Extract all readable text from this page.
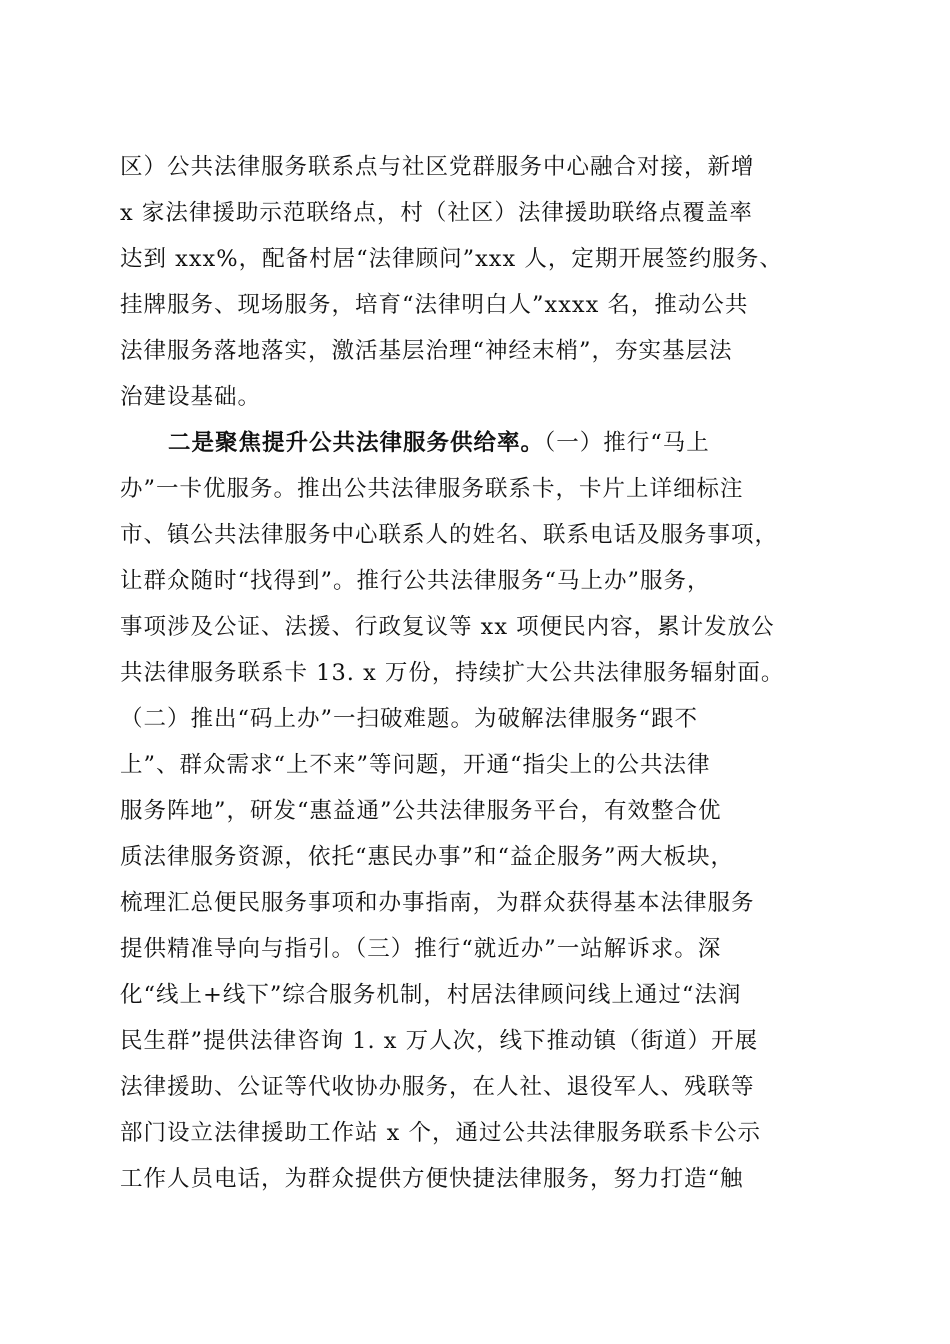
区）公共法律服务联系点与社区党群服务中心融合对接，新增
x 家法律援助示范联络点，村（社区）法律援助联络点覆盖率
达到 xxx%，配备村居“法律顾问”xxx 人，定期开展签约服务、
挂牌服务、现场服务，培育“法律明白人”xxxx 名，推动公共
法律服务落地落实，激活基层治理“神经末梢”，夯实基层法
治建设基础。
二是聚焦提升公共法律服务供给率。（一）推行“马上
办”一卡优服务。推出公共法律服务联系卡，卡片上详细标注
市、镇公共法律服务中心联系人的姓名、联系电话及服务事项，
让群众随时“找得到”。推行公共法律服务“马上办”服务，
事项涉及公证、法援、行政复议等 xx 项便民内容，累计发放公
共法律服务联系卡 13. x 万份，持续扩大公共法律服务辐射面。
（二）推出“码上办”一扫破难题。为破解法律服务“跟不
上”、群众需求“上不来”等问题，开通“指尖上的公共法律
服务阵地”，研发“惠益通”公共法律服务平台，有效整合优
质法律服务资源，依托“惠民办事”和“益企服务”两大板块，
梳理汇总便民服务事项和办事指南，为群众获得基本法律服务
提供精准导向与指引。（三）推行“就近办”一站解诉求。深
化“线上+线下”综合服务机制，村居法律顾问线上通过“法润
民生群”提供法律咨询 1. x 万人次，线下推动镇（街道）开展
法律援助、公证等代收协办服务，在人社、退役军人、残联等
部门设立法律援助工作站 x 个，通过公共法律服务联系卡公示
工作人员电话，为群众提供方便快捷法律服务，努力打造“触
